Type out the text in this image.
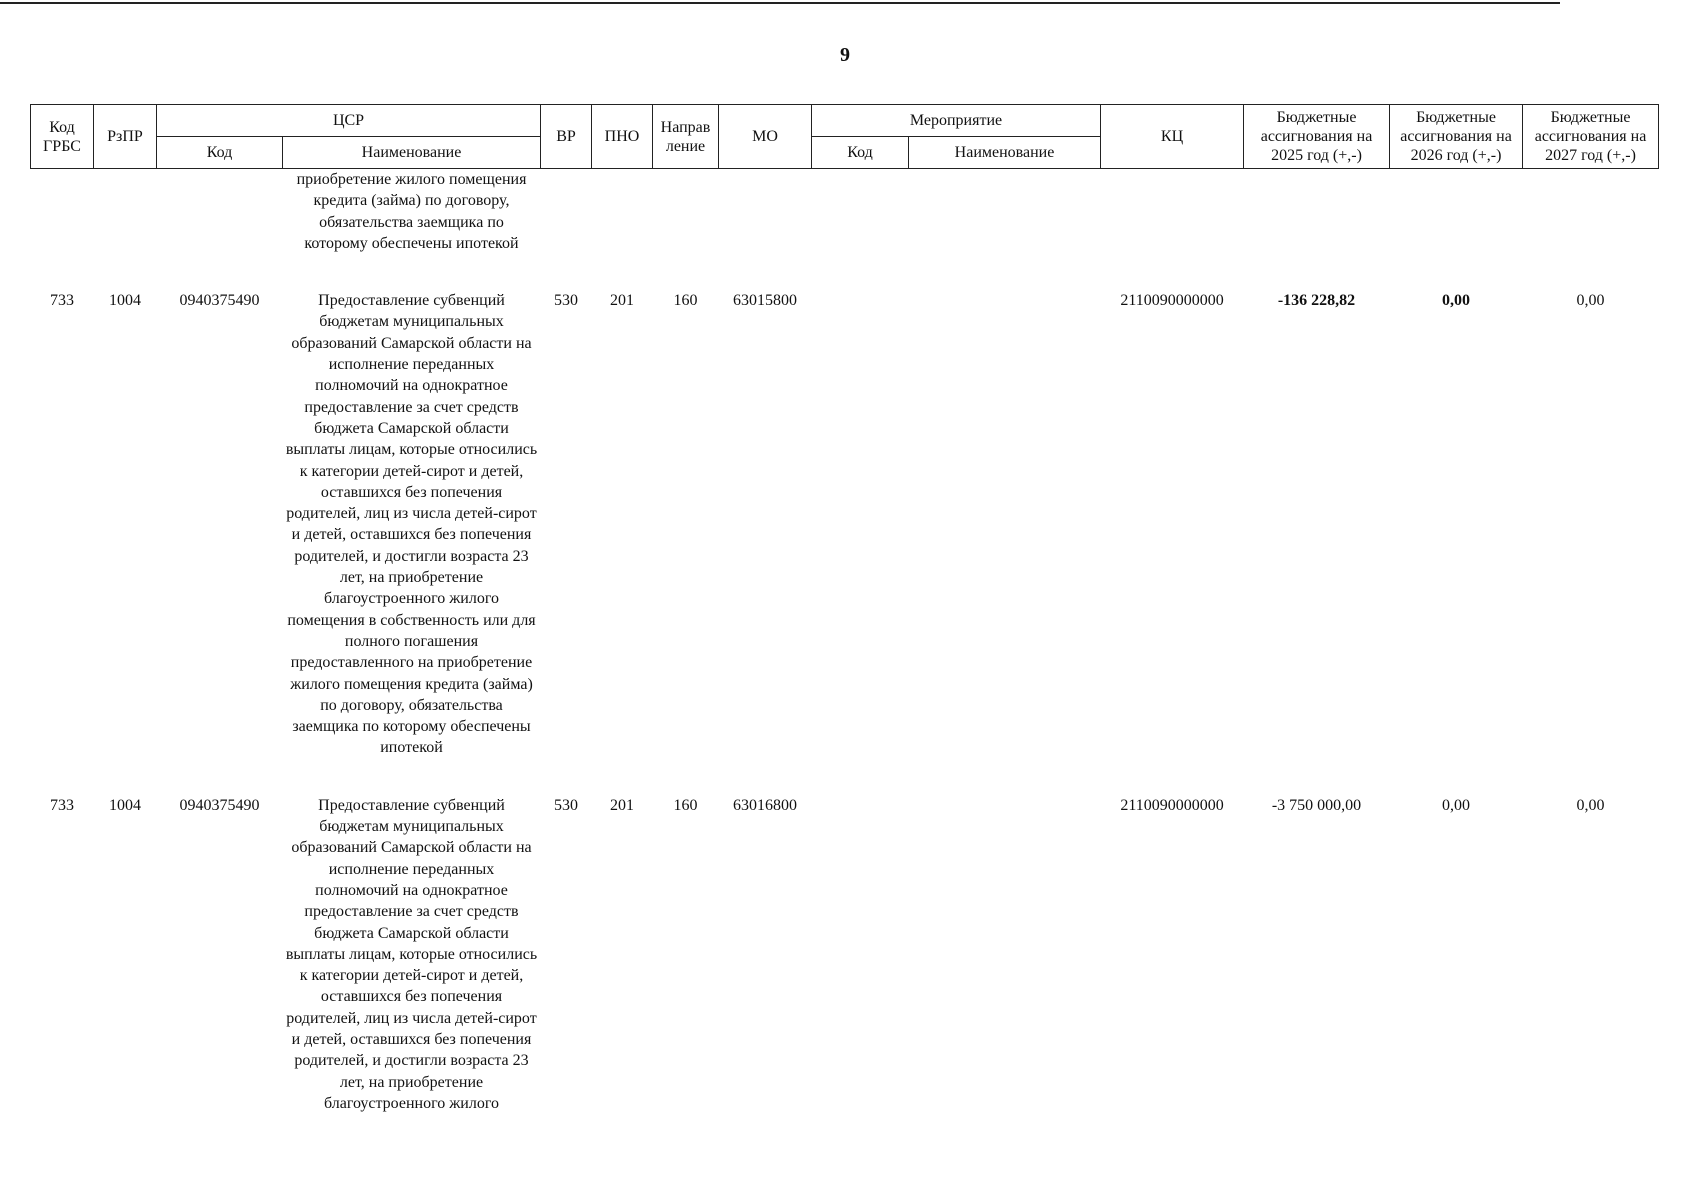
9
Код ГРБС	РзПР	ЦСР		ВР	ПНО	Направ ление	МО	Мероприятие		КЦ	Бюджетные ассигнования на 2025 год (+,-)	Бюджетные ассигнования на 2026 год (+,-)	Бюджетные ассигнования на 2027 год (+,-)
		Код	Наименование					Код	Наименование				
			приобретение жилого помещения кредита (займа) по договору, обязательства заемщика по которому обеспечены ипотекой										

733	1004	0940375490	Предоставление субвенций бюджетам муниципальных образований Самарской области на исполнение переданных полномочий на однократное предоставление за счет средств бюджета Самарской области выплаты лицам, которые относились к категории детей-сирот и детей, оставшихся без попечения родителей, лиц из числа детей-сирот и детей, оставшихся без попечения родителей, и достигли возраста 23 лет, на приобретение благоустроенного жилого помещения в собственность или для полного погашения предоставленного на приобретение жилого помещения кредита (займа) по договору, обязательства заемщика по которому обеспечены ипотекой	530	201	160	63015800			2110090000000	-136 228,82	0,00	0,00

733	1004	0940375490	Предоставление субвенций бюджетам муниципальных образований Самарской области на исполнение переданных полномочий на однократное предоставление за счет средств бюджета Самарской области выплаты лицам, которые относились к категории детей-сирот и детей, оставшихся без попечения родителей, лиц из числа детей-сирот и детей, оставшихся без попечения родителей, и достигли возраста 23 лет, на приобретение благоустроенного жилого	530	201	160	63016800			2110090000000	-3 750 000,00	0,00	0,00
